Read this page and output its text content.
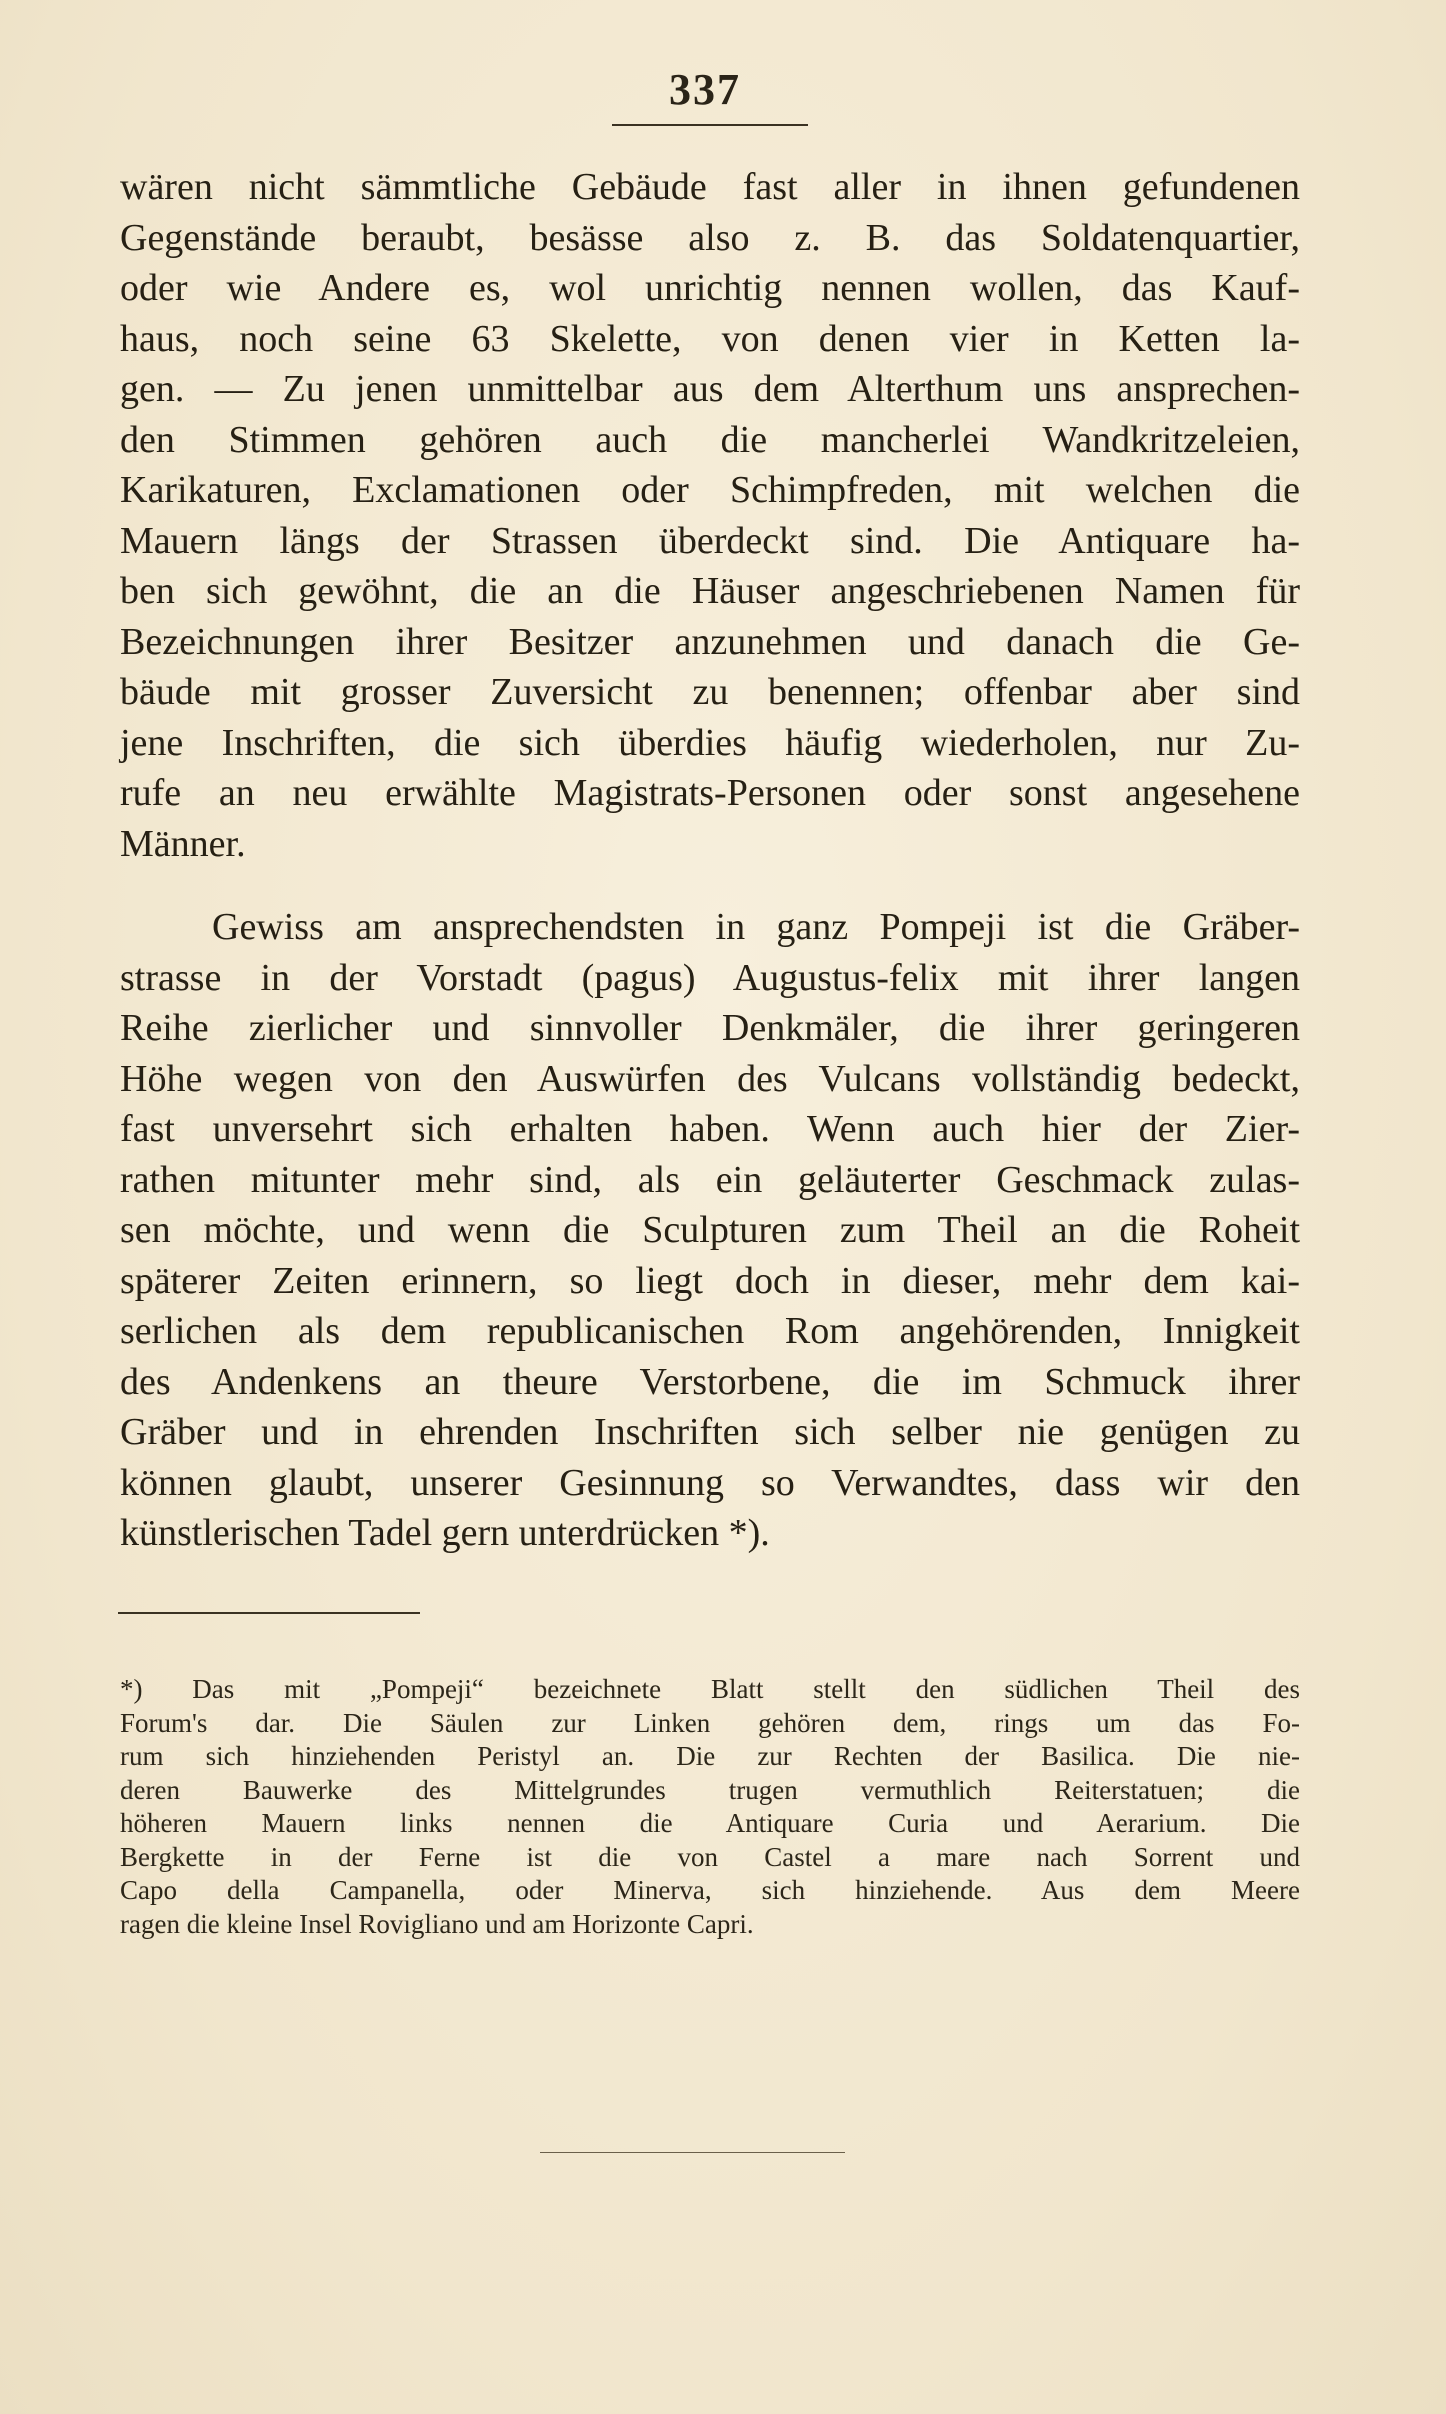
337
wären nicht sämmtliche Gebäude fast aller in ihnen gefundenen
Gegenstände beraubt, besässe also z. B. das Soldatenquartier,
oder wie Andere es, wol unrichtig nennen wollen, das Kauf-
haus, noch seine 63 Skelette, von denen vier in Ketten la-
gen. — Zu jenen unmittelbar aus dem Alterthum uns ansprechen-
den Stimmen gehören auch die mancherlei Wandkritzeleien,
Karikaturen, Exclamationen oder Schimpfreden, mit welchen die
Mauern längs der Strassen überdeckt sind. Die Antiquare ha-
ben sich gewöhnt, die an die Häuser angeschriebenen Namen für
Bezeichnungen ihrer Besitzer anzunehmen und danach die Ge-
bäude mit grosser Zuversicht zu benennen; offenbar aber sind
jene Inschriften, die sich überdies häufig wiederholen, nur Zu-
rufe an neu erwählte Magistrats-Personen oder sonst angesehene
Männer.
Gewiss am ansprechendsten in ganz Pompeji ist die Gräber-
strasse in der Vorstadt (pagus) Augustus-felix mit ihrer langen
Reihe zierlicher und sinnvoller Denkmäler, die ihrer geringeren
Höhe wegen von den Auswürfen des Vulcans vollständig bedeckt,
fast unversehrt sich erhalten haben. Wenn auch hier der Zier-
rathen mitunter mehr sind, als ein geläuterter Geschmack zulas-
sen möchte, und wenn die Sculpturen zum Theil an die Roheit
späterer Zeiten erinnern, so liegt doch in dieser, mehr dem kai-
serlichen als dem republicanischen Rom angehörenden, Innigkeit
des Andenkens an theure Verstorbene, die im Schmuck ihrer
Gräber und in ehrenden Inschriften sich selber nie genügen zu
können glaubt, unserer Gesinnung so Verwandtes, dass wir den
künstlerischen Tadel gern unterdrücken *).
*) Das mit „Pompeji“ bezeichnete Blatt stellt den südlichen Theil des
Forum's dar. Die Säulen zur Linken gehören dem, rings um das Fo-
rum sich hinziehenden Peristyl an. Die zur Rechten der Basilica. Die nie-
deren Bauwerke des Mittelgrundes trugen vermuthlich Reiterstatuen; die
höheren Mauern links nennen die Antiquare Curia und Aerarium. Die
Bergkette in der Ferne ist die von Castel a mare nach Sorrent und
Capo della Campanella, oder Minerva, sich hinziehende. Aus dem Meere
ragen die kleine Insel Rovigliano und am Horizonte Capri.
